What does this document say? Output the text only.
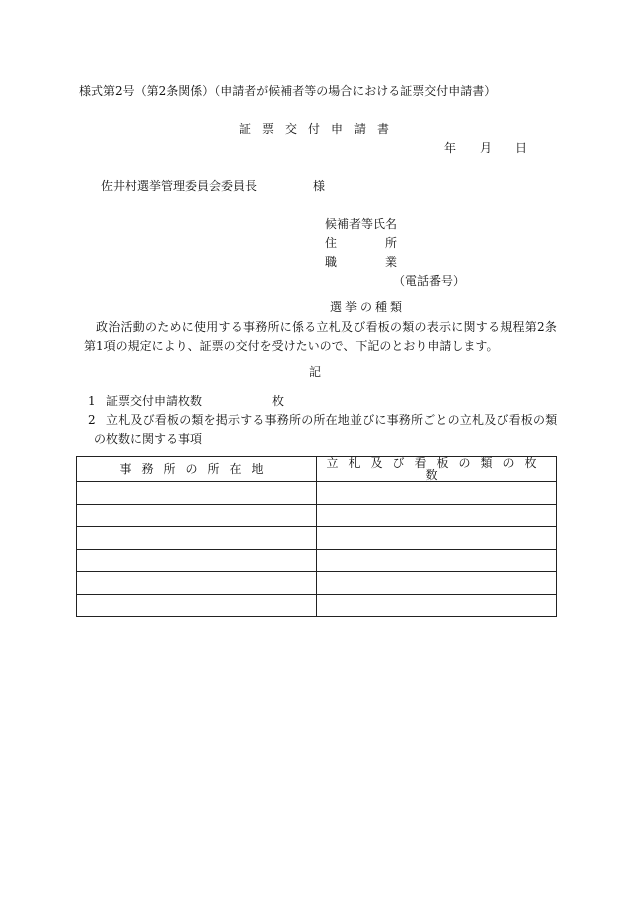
様式第2号（第2条関係）（申請者が候補者等の場合における証票交付申請書）
証票交付申請書
年 月 日
佐井村選挙管理委員会委員長	様
候補者等氏名
住	所
職	業
（電話番号）
選挙の種類
政治活動のために使用する事務所に係る立札及び看板の類の表示に関する規程第2条
第1項の規定により、証票の交付を受けたいので、下記のとおり申請します。
記
1 証票交付申請枚数	枚
2 立札及び看板の類を掲示する事務所の所在地並びに事務所ごとの立札及び看板の類
の枚数に関する事項
事務所の所在地	立札及び看板の類の枚数
